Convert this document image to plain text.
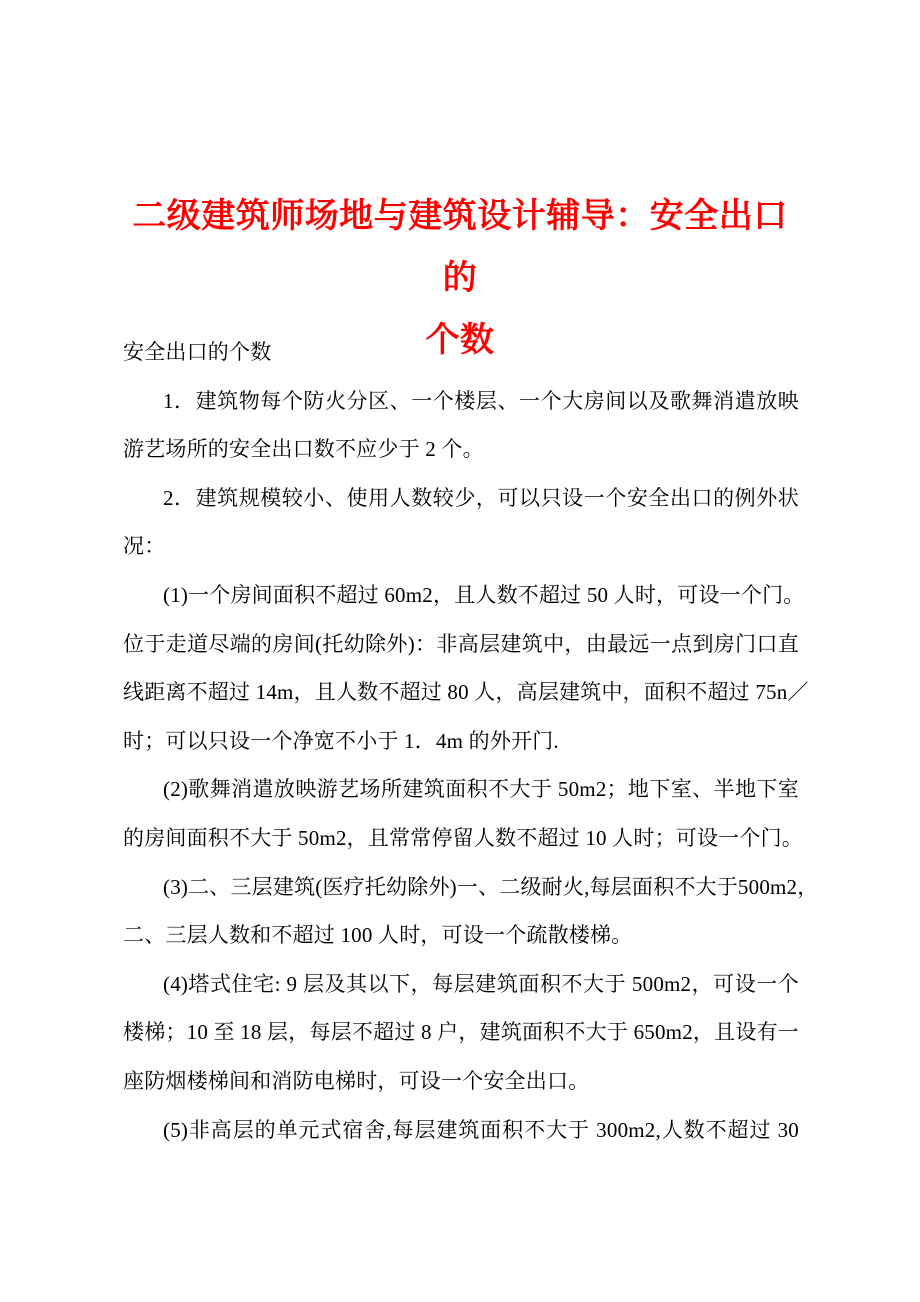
二级建筑师场地与建筑设计辅导：安全出口的
个数
安全出口的个数
1．建筑物每个防火分区、一个楼层、一个大房间以及歌舞消遣放映
游艺场所的安全出口数不应少于 2 个。
2．建筑规模较小、使用人数较少，可以只设一个安全出口的例外状
况：
(1)一个房间面积不超过 60m2，且人数不超过 50 人时，可设一个门。
位于走道尽端的房间(托幼除外)：非高层建筑中，由最远一点到房门口直
线距离不超过 14m，且人数不超过 80 人，高层建筑中，面积不超过 75n／
时；可以只设一个净宽不小于 1．4m 的外开门.
(2)歌舞消遣放映游艺场所建筑面积不大于 50m2；地下室、半地下室
的房间面积不大于 50m2，且常常停留人数不超过 10 人时；可设一个门。
(3)二、三层建筑(医疗托幼除外)一、二级耐火,每层面积不大于500m2，
二、三层人数和不超过 100 人时，可设一个疏散楼梯。
(4)塔式住宅: 9 层及其以下，每层建筑面积不大于 500m2，可设一个
楼梯；10 至 18 层，每层不超过 8 户，建筑面积不大于 650m2，且设有一
座防烟楼梯间和消防电梯时，可设一个安全出口。
(5)非高层的单元式宿舍,每层建筑面积不大于 300m2,人数不超过 30
